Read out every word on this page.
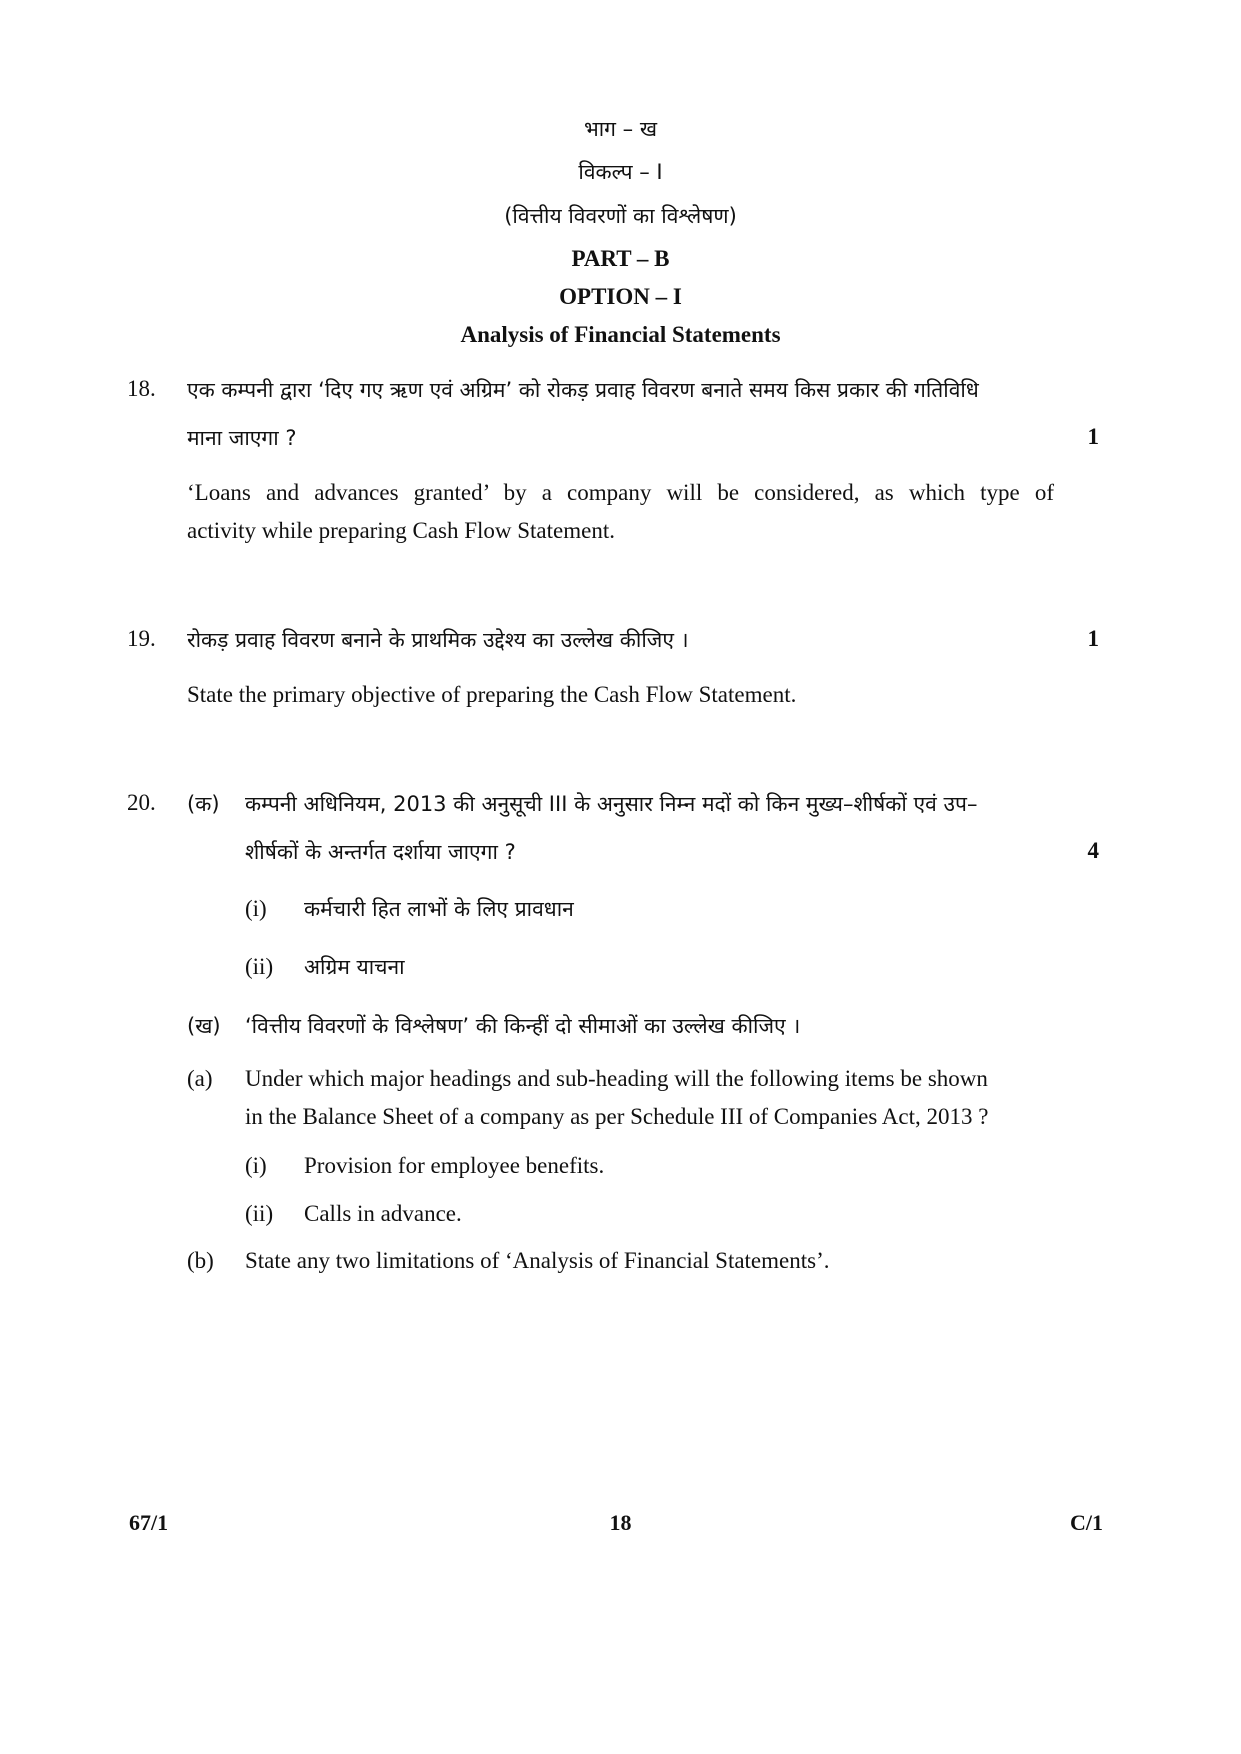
भाग – ख
विकल्प – I
(वित्तीय विवरणों का विश्लेषण)
PART – B
OPTION – I
Analysis of Financial Statements
18. एक कम्पनी द्वारा ‘दिए गए ऋण एवं अग्रिम’ को रोकड़ प्रवाह विवरण बनाते समय किस प्रकार की गतिविधि
माना जाएगा ?	1
‘Loans and advances granted’ by a company will be considered, as which type of
activity while preparing Cash Flow Statement.
19. रोकड़ प्रवाह विवरण बनाने के प्राथमिक उद्देश्य का उल्लेख कीजिए ।	1
State the primary objective of preparing the Cash Flow Statement.
20. (क) कम्पनी अधिनियम, 2013 की अनुसूची III के अनुसार निम्न मदों को किन मुख्य–शीर्षकों एवं उप–
शीर्षकों के अन्तर्गत दर्शाया जाएगा ?	4
(i) कर्मचारी हित लाभों के लिए प्रावधान
(ii) अग्रिम याचना
(ख) ‘वित्तीय विवरणों के विश्लेषण’ की किन्हीं दो सीमाओं का उल्लेख कीजिए ।
(a) Under which major headings and sub-heading will the following items be shown
in the Balance Sheet of a company as per Schedule III of Companies Act, 2013 ?
(i) Provision for employee benefits.
(ii) Calls in advance.
(b) State any two limitations of ‘Analysis of Financial Statements’.
67/1	18	C/1
